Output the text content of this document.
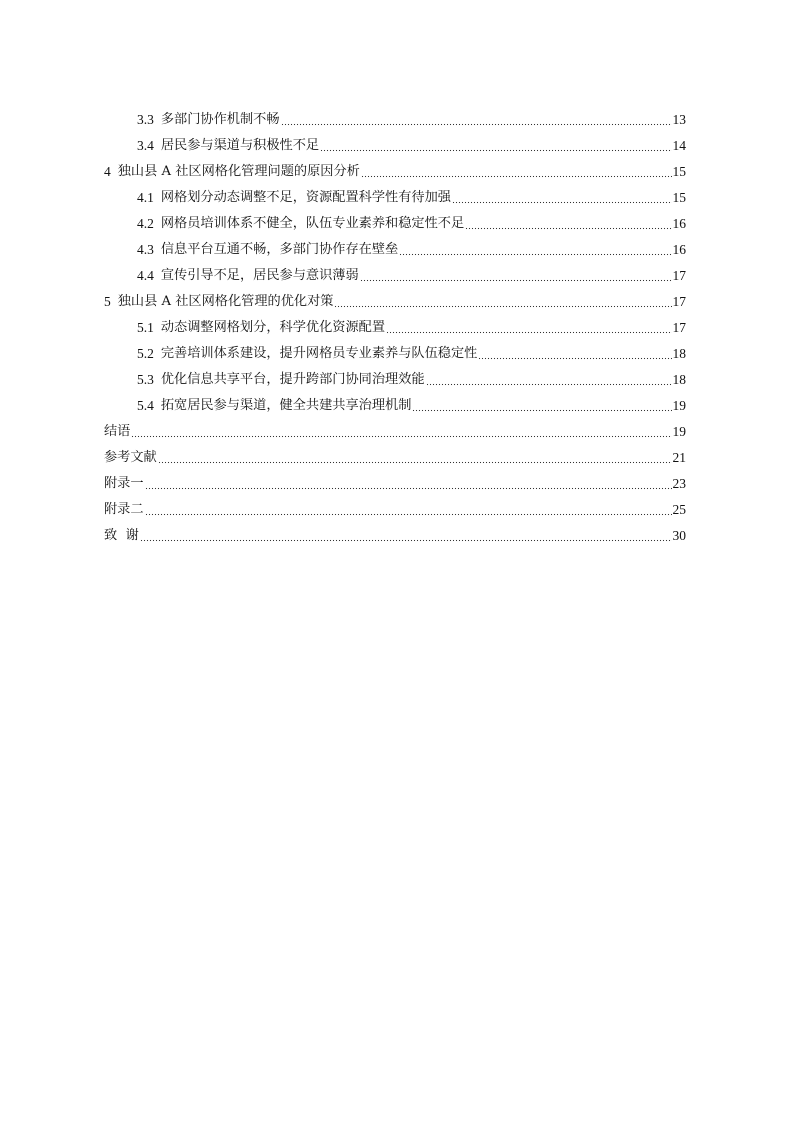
3.3 多部门协作机制不畅	13
3.4 居民参与渠道与积极性不足	14
4 独山县 A 社区网格化管理问题的原因分析	15
4.1 网格划分动态调整不足，资源配置科学性有待加强	15
4.2 网格员培训体系不健全，队伍专业素养和稳定性不足	16
4.3 信息平台互通不畅，多部门协作存在壁垒	16
4.4 宣传引导不足，居民参与意识薄弱	17
5 独山县 A 社区网格化管理的优化对策	17
5.1 动态调整网格划分，科学优化资源配置	17
5.2 完善培训体系建设，提升网格员专业素养与队伍稳定性	18
5.3 优化信息共享平台，提升跨部门协同治理效能	18
5.4 拓宽居民参与渠道，健全共建共享治理机制	19
结语	19
参考文献	21
附录一	23
附录二	25
致  谢	30
